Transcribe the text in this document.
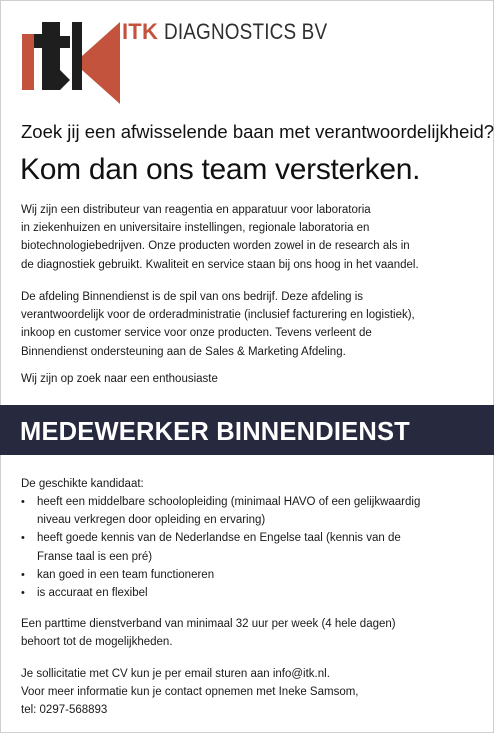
ITK DIAGNOSTICS BV
Zoek jij een afwisselende baan met verantwoordelijkheid?
Kom dan ons team versterken.
Wij zijn een distributeur van reagentia en apparatuur voor laboratoria
in ziekenhuizen en universitaire instellingen, regionale laboratoria en
biotechnologiebedrijven. Onze producten worden zowel in de research als in
de diagnostiek gebruikt. Kwaliteit en service staan bij ons hoog in het vaandel.
De afdeling Binnendienst is de spil van ons bedrijf. Deze afdeling is
verantwoordelijk voor de orderadministratie (inclusief facturering en logistiek),
inkoop en customer service voor onze producten. Tevens verleent de
Binnendienst ondersteuning aan de Sales & Marketing Afdeling.
Wij zijn op zoek naar een enthousiaste
MEDEWERKER BINNENDIENST
De geschikte kandidaat:
• heeft een middelbare schoolopleiding (minimaal HAVO of een gelijkwaardig
niveau verkregen door opleiding en ervaring)
• heeft goede kennis van de Nederlandse en Engelse taal (kennis van de
Franse taal is een pré)
• kan goed in een team functioneren
• is accuraat en flexibel
Een parttime dienstverband van minimaal 32 uur per week (4 hele dagen)
behoort tot de mogelijkheden.
Je sollicitatie met CV kun je per email sturen aan info@itk.nl.
Voor meer informatie kun je contact opnemen met Ineke Samsom,
tel: 0297-568893
